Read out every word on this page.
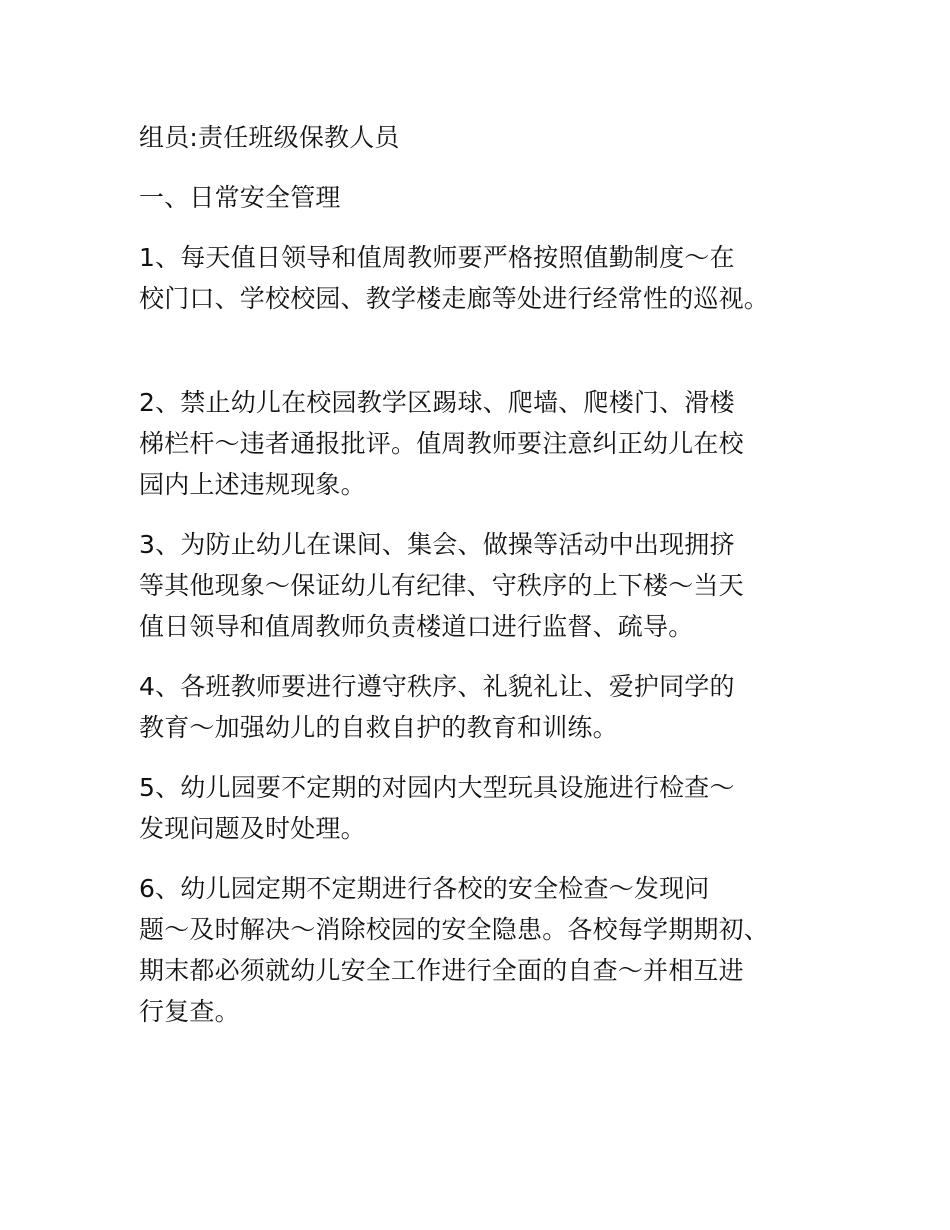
组员:责任班级保教人员
一、日常安全管理
1、每天值日领导和值周教师要严格按照值勤制度～在
校门口、学校校园、教学楼走廊等处进行经常性的巡视。
2、禁止幼儿在校园教学区踢球、爬墙、爬楼门、滑楼
梯栏杆～违者通报批评。值周教师要注意纠正幼儿在校
园内上述违规现象。
3、为防止幼儿在课间、集会、做操等活动中出现拥挤
等其他现象～保证幼儿有纪律、守秩序的上下楼～当天
值日领导和值周教师负责楼道口进行监督、疏导。
4、各班教师要进行遵守秩序、礼貌礼让、爱护同学的
教育～加强幼儿的自救自护的教育和训练。
5、幼儿园要不定期的对园内大型玩具设施进行检查～
发现问题及时处理。
6、幼儿园定期不定期进行各校的安全检查～发现问
题～及时解决～消除校园的安全隐患。各校每学期期初、
期末都必须就幼儿安全工作进行全面的自查～并相互进
行复查。
